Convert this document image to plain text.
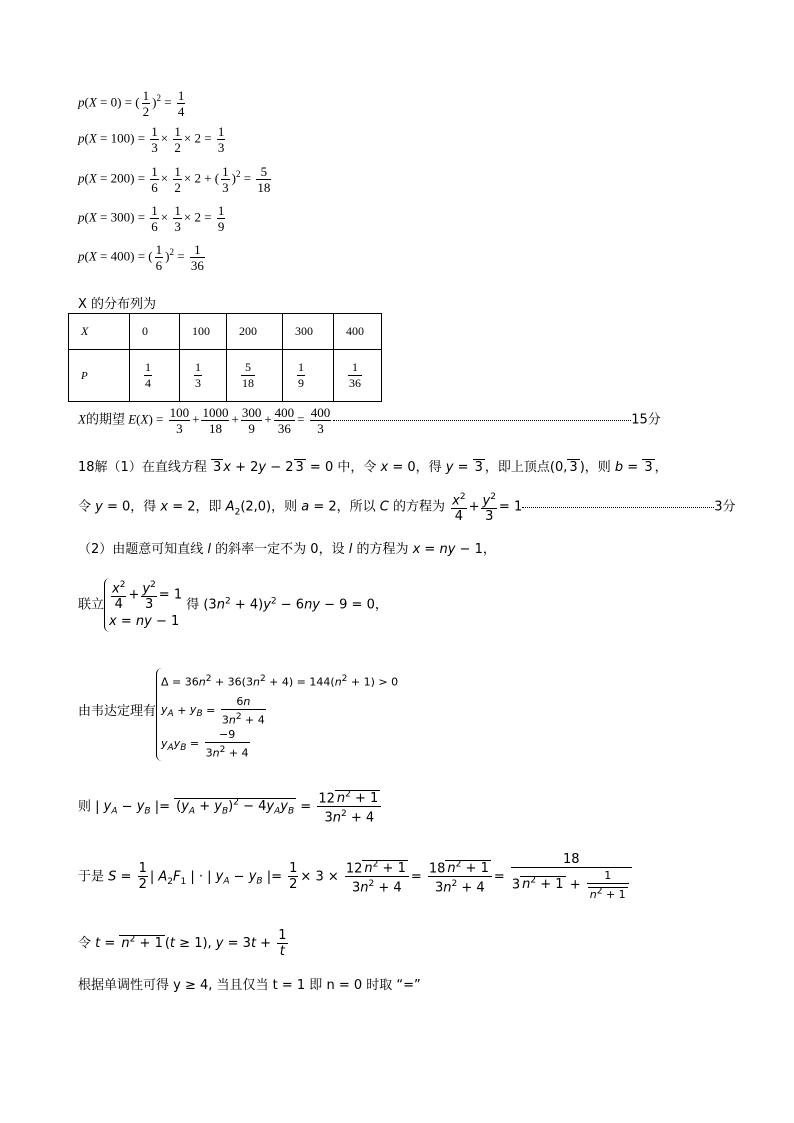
p(X = 0) = ( $\frac{1}{2} )^2 = \frac{1}{4}$
$p(X = 100) = \frac{1}{3} \times \frac{1}{2} \times 2 = \frac{1}{3}$
$p(X = 200) = \frac{1}{6} \times \frac{1}{2} \times 2$ + ( $\frac{1}{3} )^2 = \frac{5}{18}$
$p(X = 300) = \frac{1}{6} \times \frac{1}{3} \times 2 = \frac{1}{9}$
p(X = 400) = ( $\frac{1}{6} )^2 = \frac{1}{36}$
X 的分布列为
X	0	100	200	300	400
P	$\frac{1}{4}$	$\frac{1}{3}$	$\frac{5}{18}$	$\frac{1}{9}$	$\frac{1}{36}$
X的期望 $E(X) = \frac{100}{3} + \frac{1000}{18} + \frac{300}{9} + \frac{400}{36} = \frac{400}{3}$	15分
18解（1）在直线方程 3 x + 2y − 2 3 = 0 中，令 x = 0，得 y = 3 ，即上顶点(0, 3 )，则 b = 3 ，
令 y = 0，得 x = 2，即 $A_2(2,0)$，则 a = 2，所以 C 的方程为 $\frac{x^2}{4} + \frac{y^2}{3} = 1$	3分
（2）由题意可知直线 l 的斜率一定不为 0，设 l 的方程为 x = ny − 1，
联立 $\frac{x^2}{4} + \frac{y^2}{3} = 1$
x = ny − 1
得 $(3n^2 + 4)y^2 - 6ny - 9 = 0$，
由韦达定理有
$\Delta = 36n^2 + 36(3n^2 + 4) = 144(n^2 + 1) > 0$
$y_A + y_B = \frac{6n}{3n^2 + 4}$
$y_Ay_B = \frac{-9}{3n^2 + 4}$
则 | $y_A - y_B$ |= $(y_A + y_B)^2 - 4y_Ay_B = \frac{12 n^2 + 1}{3n^2 + 4}$
于是 $S = \frac{1}{2}$ | $A_2F_1$ | · | $y_A - y_B$ |= $\frac{1}{2} \times 3 \times \frac{12 n^2 + 1}{3n^2 + 4} = \frac{18 n^2 + 1}{3n^2 + 4} = \frac{18}{3 n^2 + 1 + \frac{1}{n^2 + 1}}$
令 $t = n^2 + 1$ (t ≥ 1), $y = 3t + \frac{1}{t}$
根据单调性可得 y ≥ 4, 当且仅当 t = 1 即 n = 0 时取 “=”
